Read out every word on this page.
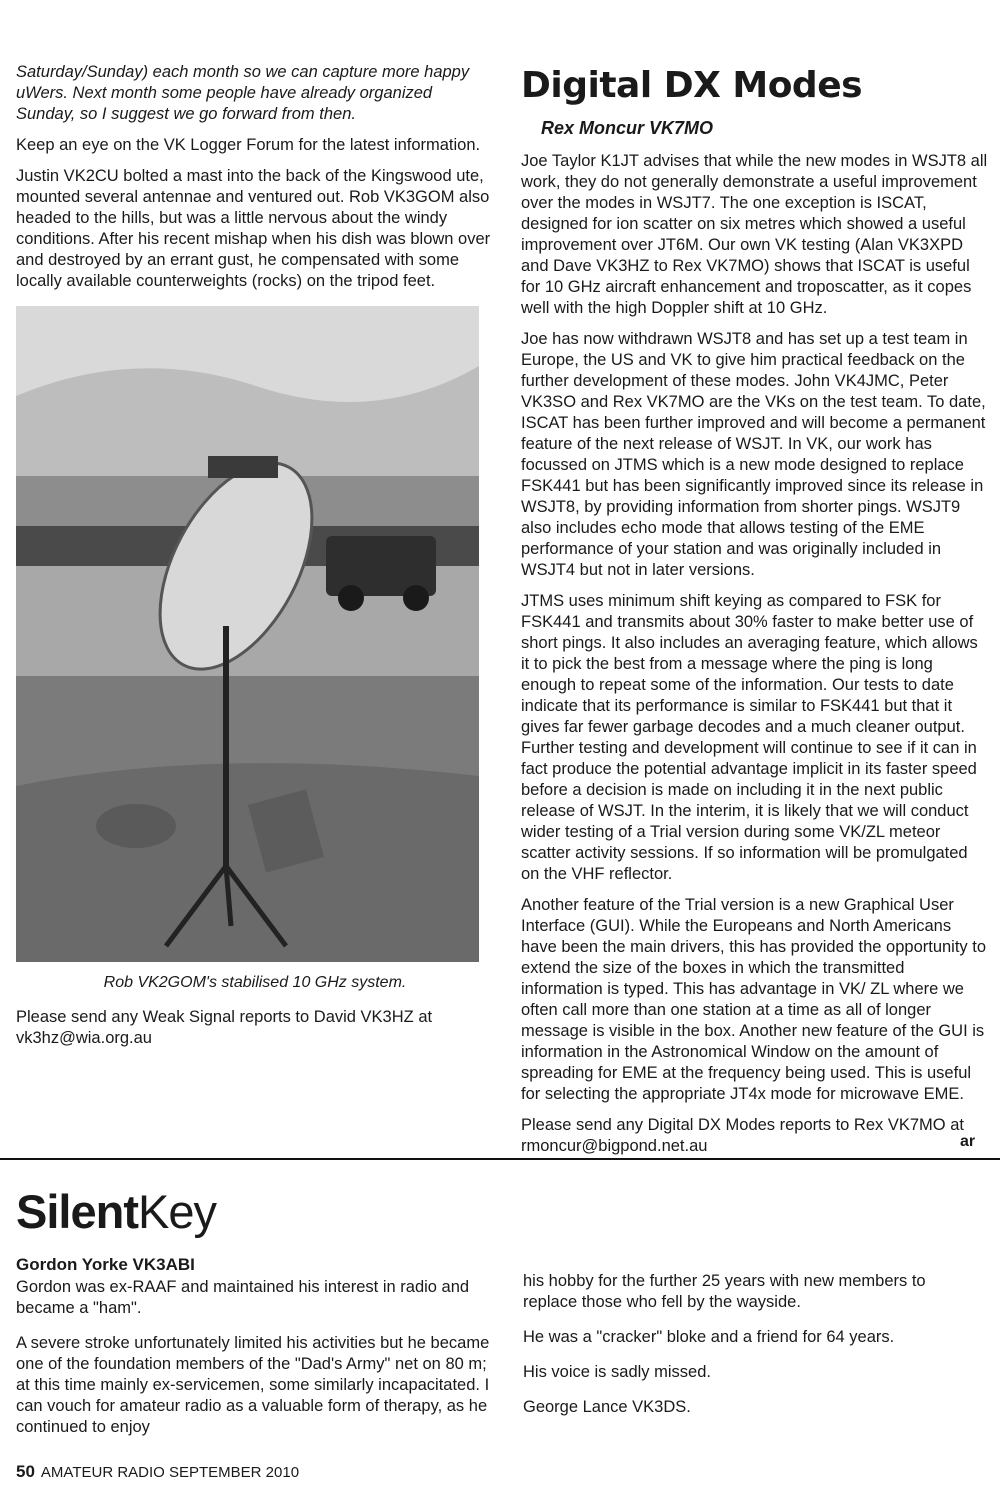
Saturday/Sunday) each month so we can capture more happy uWers. Next month some people have already organized Sunday, so I suggest we go forward from then.

Keep an eye on the VK Logger Forum for the latest information.

Justin VK2CU bolted a mast into the back of the Kingswood ute, mounted several antennae and ventured out. Rob VK3GOM also headed to the hills, but was a little nervous about the windy conditions. After his recent mishap when his dish was blown over and destroyed by an errant gust, he compensated with some locally available counterweights (rocks) on the tripod feet.

Rob VK2GOM's stabilised 10 GHz system.

Please send any Weak Signal reports to David VK3HZ at vk3hz@wia.org.au

Digital DX Modes
Rex Moncur VK7MO

Joe Taylor K1JT advises that while the new modes in WSJT8 all work, they do not generally demonstrate a useful improvement over the modes in WSJT7. The one exception is ISCAT, designed for ion scatter on six metres which showed a useful improvement over JT6M. Our own VK testing (Alan VK3XPD and Dave VK3HZ to Rex VK7MO) shows that ISCAT is useful for 10 GHz aircraft enhancement and troposcatter, as it copes well with the high Doppler shift at 10 GHz.

Joe has now withdrawn WSJT8 and has set up a test team in Europe, the US and VK to give him practical feedback on the further development of these modes. John VK4JMC, Peter VK3SO and Rex VK7MO are the VKs on the test team. To date, ISCAT has been further improved and will become a permanent feature of the next release of WSJT. In VK, our work has focussed on JTMS which is a new mode designed to replace FSK441 but has been significantly improved since its release in WSJT8, by providing information from shorter pings. WSJT9 also includes echo mode that allows testing of the EME performance of your station and was originally included in WSJT4 but not in later versions.

JTMS uses minimum shift keying as compared to FSK for FSK441 and transmits about 30% faster to make better use of short pings. It also includes an averaging feature, which allows it to pick the best from a message where the ping is long enough to repeat some of the information. Our tests to date indicate that its performance is similar to FSK441 but that it gives far fewer garbage decodes and a much cleaner output. Further testing and development will continue to see if it can in fact produce the potential advantage implicit in its faster speed before a decision is made on including it in the next public release of WSJT. In the interim, it is likely that we will conduct wider testing of a Trial version during some VK/ZL meteor scatter activity sessions. If so information will be promulgated on the VHF reflector.

Another feature of the Trial version is a new Graphical User Interface (GUI). While the Europeans and North Americans have been the main drivers, this has provided the opportunity to extend the size of the boxes in which the transmitted information is typed. This has advantage in VK/ ZL where we often call more than one station at a time as all of longer message is visible in the box. Another new feature of the GUI is information in the Astronomical Window on the amount of spreading for EME at the frequency being used. This is useful for selecting the appropriate JT4x mode for microwave EME.

Please send any Digital DX Modes reports to Rex VK7MO at rmoncur@bigpond.net.au	ar
SilentKey
Gordon Yorke VK3ABI

Gordon was ex-RAAF and maintained his interest in radio and became a "ham".

A severe stroke unfortunately limited his activities but he became one of the foundation members of the "Dad's Army" net on 80 m; at this time mainly ex-servicemen, some similarly incapacitated. I can vouch for amateur radio as a valuable form of therapy, as he continued to enjoy

his hobby for the further 25 years with new members to replace those who fell by the wayside.

He was a "cracker" bloke and a friend for 64 years.

His voice is sadly missed.

George Lance VK3DS.

50 AMATEUR RADIO SEPTEMBER 2010
